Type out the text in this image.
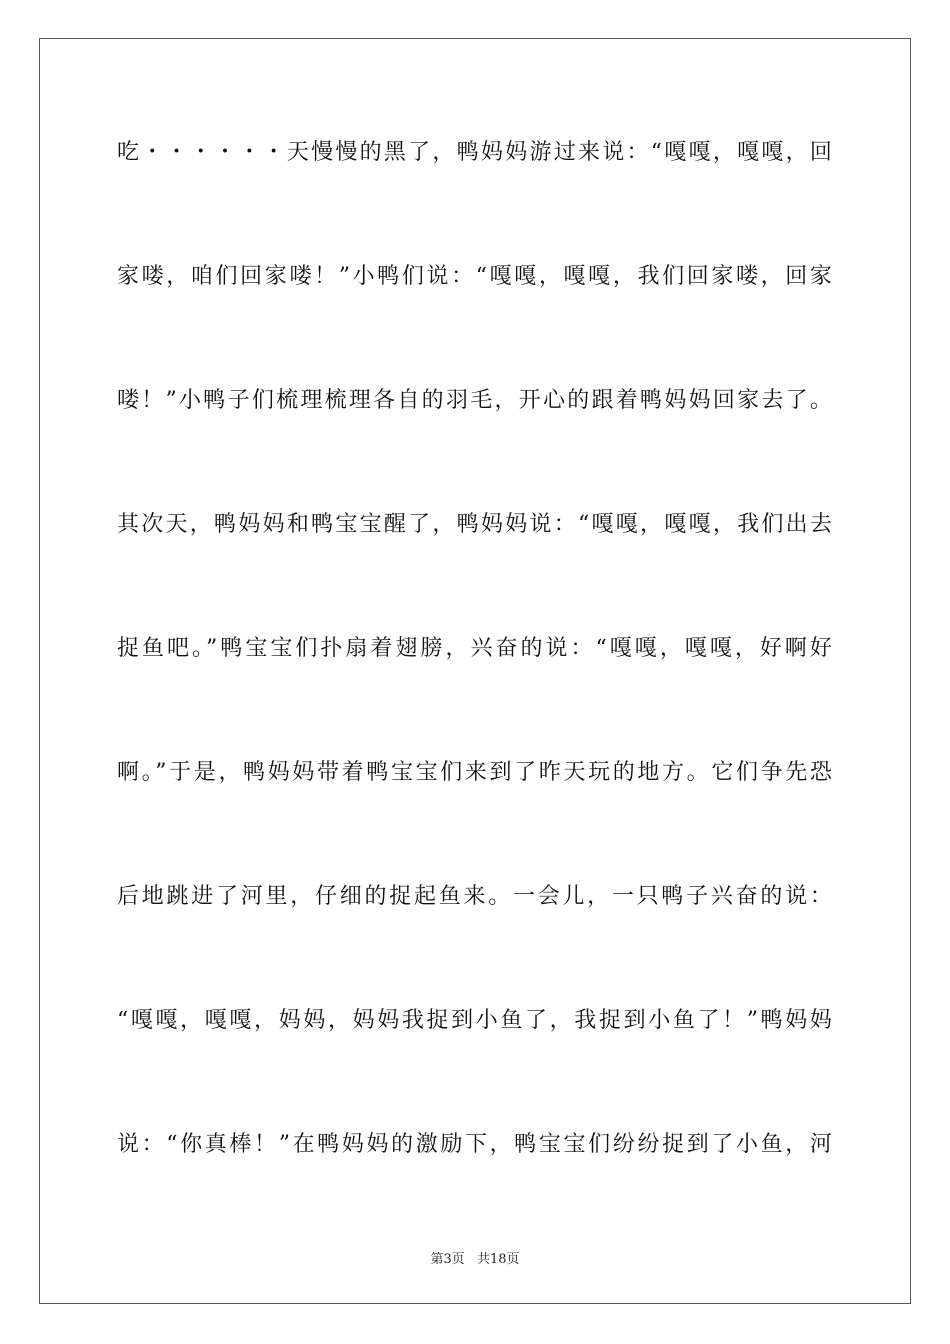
吃・・・・・・天慢慢的黑了，鸭妈妈游过来说：“嘎嘎，嘎嘎，回
家喽，咱们回家喽！”小鸭们说：“嘎嘎，嘎嘎，我们回家喽，回家
喽！”小鸭子们梳理梳理各自的羽毛，开心的跟着鸭妈妈回家去了。
其次天，鸭妈妈和鸭宝宝醒了，鸭妈妈说：“嘎嘎，嘎嘎，我们出去
捉鱼吧。”鸭宝宝们扑扇着翅膀，兴奋的说：“嘎嘎，嘎嘎，好啊好
啊。”于是，鸭妈妈带着鸭宝宝们来到了昨天玩的地方。它们争先恐
后地跳进了河里，仔细的捉起鱼来。一会儿，一只鸭子兴奋的说：
“嘎嘎，嘎嘎，妈妈，妈妈我捉到小鱼了，我捉到小鱼了！”鸭妈妈
说：“你真棒！”在鸭妈妈的激励下，鸭宝宝们纷纷捉到了小鱼，河
第3页 共18页
